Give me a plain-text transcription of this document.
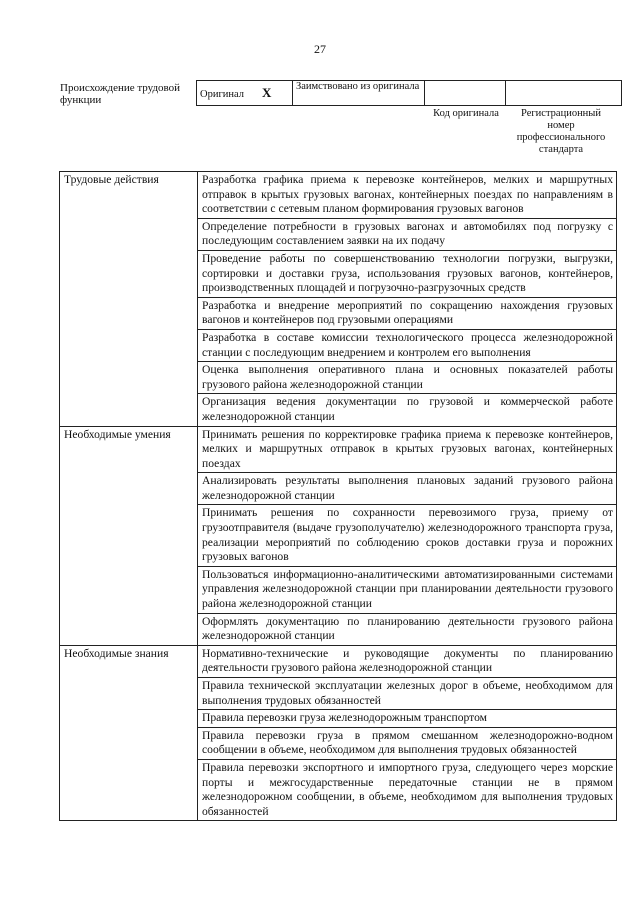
27
Происхождение трудовой функции	Оригинал X	Заимствовано из оригинала		
Код оригинала	Регистрационный номер профессионального стандарта
Трудовые действия	Разработка графика приема к перевозке контейнеров, мелких и маршрутных отправок в крытых грузовых вагонах, контейнерных поездах по направлениям в соответствии с сетевым планом формирования грузовых вагонов
	Определение потребности в грузовых вагонах и автомобилях под погрузку с последующим составлением заявки на их подачу
	Проведение работы по совершенствованию технологии погрузки, выгрузки, сортировки и доставки груза, использования грузовых вагонов, контейнеров, производственных площадей и погрузочно-разгрузочных средств
	Разработка и внедрение мероприятий по сокращению нахождения грузовых вагонов и контейнеров под грузовыми операциями
	Разработка в составе комиссии технологического процесса железнодорожной станции с последующим внедрением и контролем его выполнения
	Оценка выполнения оперативного плана и основных показателей работы грузового района железнодорожной станции
	Организация ведения документации по грузовой и коммерческой работе железнодорожной станции
Необходимые умения	Принимать решения по корректировке графика приема к перевозке контейнеров, мелких и маршрутных отправок в крытых грузовых вагонах, контейнерных поездах
	Анализировать результаты выполнения плановых заданий грузового района железнодорожной станции
	Принимать решения по сохранности перевозимого груза, приему от грузоотправителя (выдаче грузополучателю) железнодорожного транспорта груза, реализации мероприятий по соблюдению сроков доставки груза и порожних грузовых вагонов
	Пользоваться информационно-аналитическими автоматизированными системами управления железнодорожной станции при планировании деятельности грузового района железнодорожной станции
	Оформлять документацию по планированию деятельности грузового района железнодорожной станции
Необходимые знания	Нормативно-технические и руководящие документы по планированию деятельности грузового района железнодорожной станции
	Правила технической эксплуатации железных дорог в объеме, необходимом для выполнения трудовых обязанностей
	Правила перевозки груза железнодорожным транспортом
	Правила перевозки груза в прямом смешанном железнодорожно-водном сообщении в объеме, необходимом для выполнения трудовых обязанностей
	Правила перевозки экспортного и импортного груза, следующего через морские порты и межгосударственные передаточные станции не в прямом железнодорожном сообщении, в объеме, необходимом для выполнения трудовых обязанностей
